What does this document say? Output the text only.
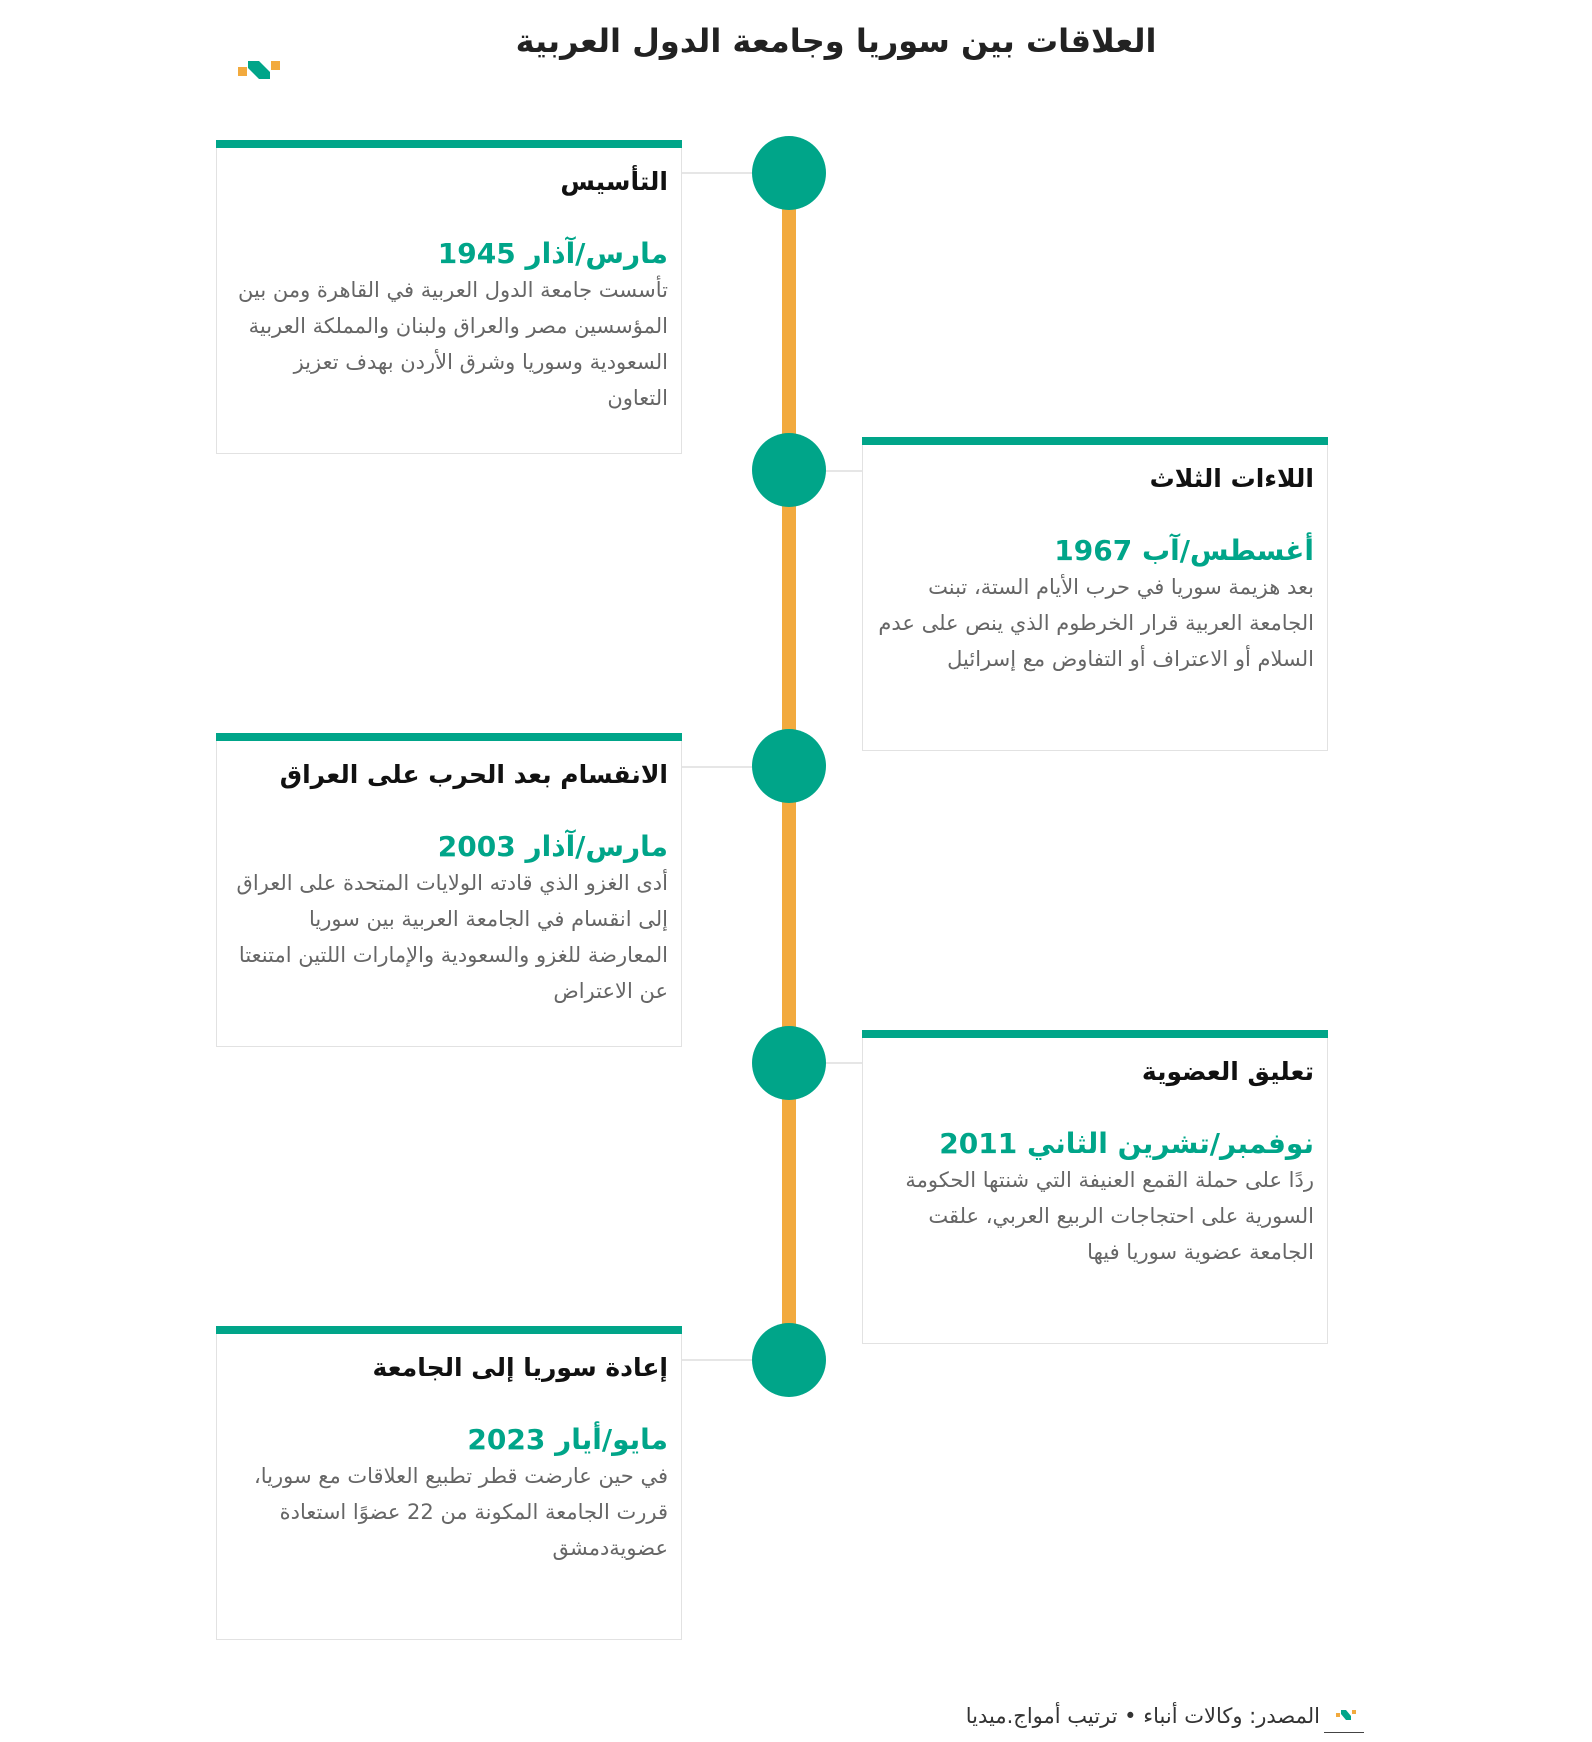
العلاقات بين سوريا وجامعة الدول العربية
التأسيس
مارس/آذار 1945
تأسست جامعة الدول العربية في القاهرة ومن بين المؤسسين مصر والعراق ولبنان والمملكة العربية السعودية وسوريا وشرق الأردن بهدف تعزيز التعاون
اللاءات الثلاث
أغسطس/آب 1967
بعد هزيمة سوريا في حرب الأيام الستة، تبنت الجامعة العربية قرار الخرطوم الذي ينص على عدم السلام أو الاعتراف أو التفاوض مع إسرائيل
الانقسام بعد الحرب على العراق
مارس/آذار 2003
أدى الغزو الذي قادته الولايات المتحدة على العراق إلى انقسام في الجامعة العربية بين سوريا المعارضة للغزو والسعودية والإمارات اللتين امتنعتا عن الاعتراض
تعليق العضوية
نوفمبر/تشرين الثاني 2011
ردًا على حملة القمع العنيفة التي شنتها الحكومة السورية على احتجاجات الربيع العربي، علقت الجامعة عضوية سوريا فيها
إعادة سوريا إلى الجامعة
مايو/أيار 2023
في حين عارضت قطر تطبيع العلاقات مع سوريا، قررت الجامعة المكونة من 22 عضوًا استعادة عضويةدمشق
المصدر: وكالات أنباء • ترتيب أمواج.ميديا
